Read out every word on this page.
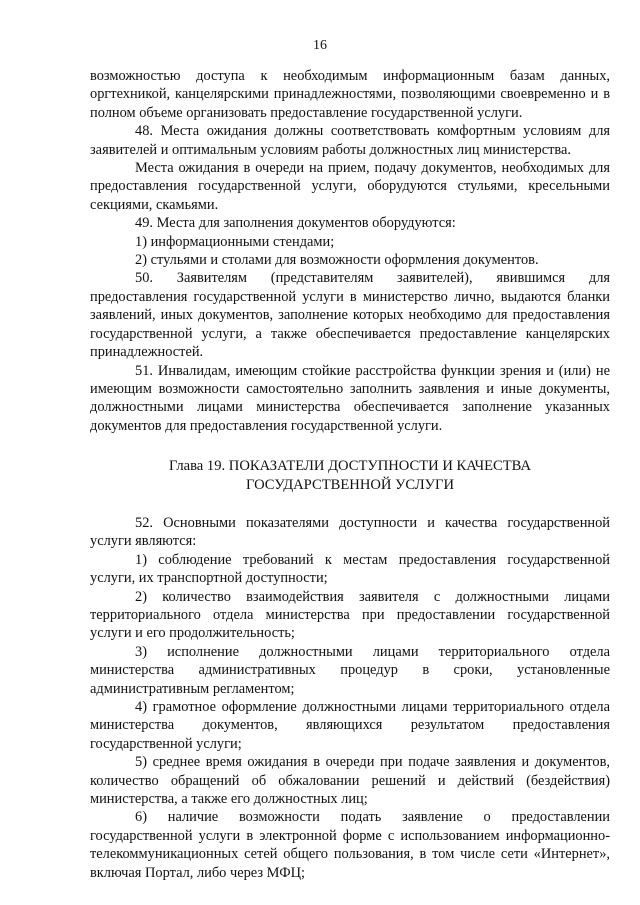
16

возможностью доступа к необходимым информационным базам данных, оргтехникой, канцелярскими принадлежностями, позволяющими своевременно и в полном объеме организовать предоставление государственной услуги.

48. Места ожидания должны соответствовать комфортным условиям для заявителей и оптимальным условиям работы должностных лиц министерства.

Места ожидания в очереди на прием, подачу документов, необходимых для предоставления государственной услуги, оборудуются стульями, кресельными секциями, скамьями.

49. Места для заполнения документов оборудуются:

1) информационными стендами;

2) стульями и столами для возможности оформления документов.

50. Заявителям (представителям заявителей), явившимся для предоставления государственной услуги в министерство лично, выдаются бланки заявлений, иных документов, заполнение которых необходимо для предоставления государственной услуги, а также обеспечивается предоставление канцелярских принадлежностей.

51. Инвалидам, имеющим стойкие расстройства функции зрения и (или) не имеющим возможности самостоятельно заполнить заявления и иные документы, должностными лицами министерства обеспечивается заполнение указанных документов для предоставления государственной услуги.

Глава 19. ПОКАЗАТЕЛИ ДОСТУПНОСТИ И КАЧЕСТВА
ГОСУДАРСТВЕННОЙ УСЛУГИ

52. Основными показателями доступности и качества государственной услуги являются:

1) соблюдение требований к местам предоставления государственной услуги, их транспортной доступности;

2) количество взаимодействия заявителя с должностными лицами территориального отдела министерства при предоставлении государственной услуги и его продолжительность;

3) исполнение должностными лицами территориального отдела министерства административных процедур в сроки, установленные административным регламентом;

4) грамотное оформление должностными лицами территориального отдела министерства документов, являющихся результатом предоставления государственной услуги;

5) среднее время ожидания в очереди при подаче заявления и документов, количество обращений об обжаловании решений и действий (бездействия) министерства, а также его должностных лиц;

6) наличие возможности подать заявление о предоставлении государственной услуги в электронной форме с использованием информационно-телекоммуникационных сетей общего пользования, в том числе сети «Интернет», включая Портал, либо через МФЦ;
